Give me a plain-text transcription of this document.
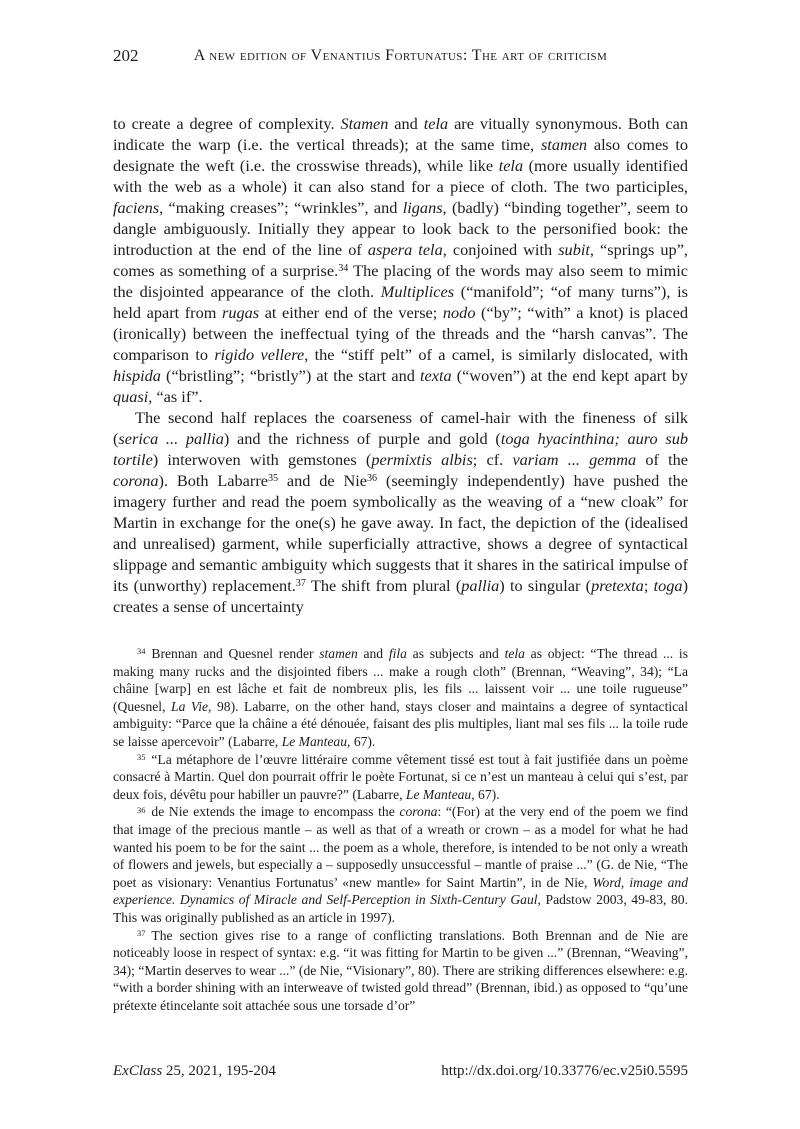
202	A new edition of Venantius Fortunatus: The art of criticism

to create a degree of complexity. Stamen and tela are vitually synonymous. Both can indicate the warp (i.e. the vertical threads); at the same time, stamen also comes to designate the weft (i.e. the crosswise threads), while like tela (more usually identified with the web as a whole) it can also stand for a piece of cloth. The two participles, faciens, “making creases”; “wrinkles”, and ligans, (badly) “binding together”, seem to dangle ambiguously. Initially they appear to look back to the personified book: the introduction at the end of the line of aspera tela, conjoined with subit, “springs up”, comes as something of a surprise.$^{34}$ The placing of the words may also seem to mimic the disjointed appearance of the cloth. Multiplices (“manifold”; “of many turns”), is held apart from rugas at either end of the verse; nodo (“by”; “with” a knot) is placed (ironically) between the ineffectual tying of the threads and the “harsh canvas”. The comparison to rigido vellere, the “stiff pelt” of a camel, is similarly dislocated, with hispida (“bristling”; “bristly”) at the start and texta (“woven”) at the end kept apart by quasi, “as if”.

The second half replaces the coarseness of camel-hair with the fineness of silk (serica ... pallia) and the richness of purple and gold (toga hyacinthina; auro sub tortile) interwoven with gemstones (permixtis albis; cf. variam ... gemma of the corona). Both Labarre$^{35}$ and de Nie$^{36}$ (seemingly independently) have pushed the imagery further and read the poem symbolically as the weaving of a “new cloak” for Martin in exchange for the one(s) he gave away. In fact, the depiction of the (idealised and unrealised) garment, while superficially attractive, shows a degree of syntactical slippage and semantic ambiguity which suggests that it shares in the satirical impulse of its (unworthy) replacement.$^{37}$ The shift from plural (pallia) to singular (pretexta; toga) creates a sense of uncertainty

$^{34}$ Brennan and Quesnel render stamen and fila as subjects and tela as object: “The thread ... is making many rucks and the disjointed fibers ... make a rough cloth” (Brennan, “Weaving”, 34); “La châine [warp] en est lâche et fait de nombreux plis, les fils ... laissent voir ... une toile rugueuse” (Quesnel, La Vie, 98). Labarre, on the other hand, stays closer and maintains a degree of syntactical ambiguity: “Parce que la châine a été dénouée, faisant des plis multiples, liant mal ses fils ... la toile rude se laisse apercevoir” (Labarre, Le Manteau, 67).

$^{35}$ “La métaphore de l’œuvre littéraire comme vêtement tissé est tout à fait justifiée dans un poème consacré à Martin. Quel don pourrait offrir le poète Fortunat, si ce n’est un manteau à celui qui s’est, par deux fois, dévêtu pour habiller un pauvre?” (Labarre, Le Manteau, 67).

$^{36}$ de Nie extends the image to encompass the corona: “(For) at the very end of the poem we find that image of the precious mantle – as well as that of a wreath or crown – as a model for what he had wanted his poem to be for the saint ... the poem as a whole, therefore, is intended to be not only a wreath of flowers and jewels, but especially a – supposedly unsuccessful – mantle of praise ...” (G. de Nie, “The poet as visionary: Venantius Fortunatus’ «new mantle» for Saint Martin”, in de Nie, Word, image and experience. Dynamics of Miracle and Self-Perception in Sixth-Century Gaul, Padstow 2003, 49-83, 80. This was originally published as an article in 1997).

$^{37}$ The section gives rise to a range of conflicting translations. Both Brennan and de Nie are noticeably loose in respect of syntax: e.g. “it was fitting for Martin to be given ...” (Brennan, “Weaving”, 34); “Martin deserves to wear ...” (de Nie, “Visionary”, 80). There are striking differences elsewhere: e.g. “with a border shining with an interweave of twisted gold thread” (Brennan, ibid.) as opposed to “qu’une prétexte étincelante soit attachée sous une torsade d’or”

ExClass 25, 2021, 195-204	http://dx.doi.org/10.33776/ec.v25i0.5595
